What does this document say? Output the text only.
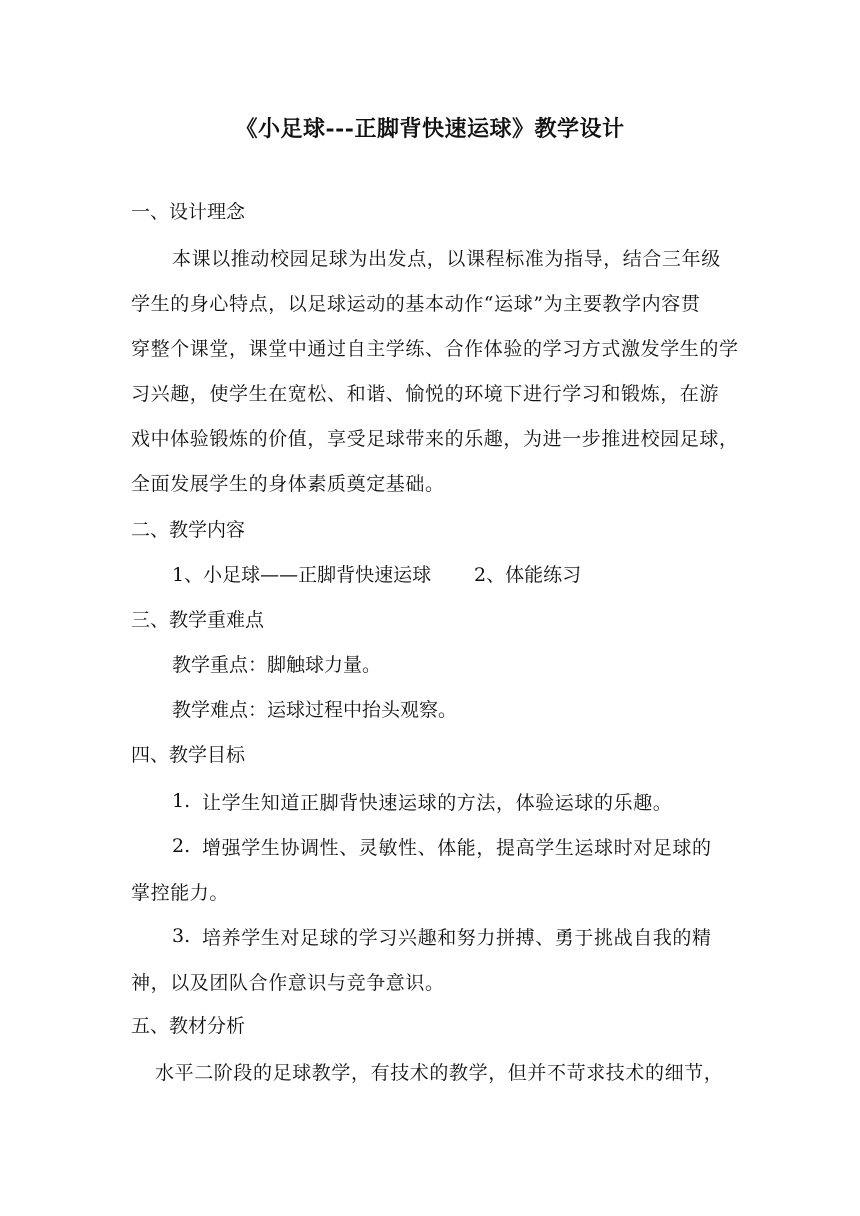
《小足球---正脚背快速运球》教学设计
一、设计理念
本课以推动校园足球为出发点，以课程标准为指导，结合三年级
学生的身心特点，以足球运动的基本动作“运球”为主要教学内容贯
穿整个课堂，课堂中通过自主学练、合作体验的学习方式激发学生的学
习兴趣，使学生在宽松、和谐、愉悦的环境下进行学习和锻炼，在游
戏中体验锻炼的价值，享受足球带来的乐趣，为进一步推进校园足球，
全面发展学生的身体素质奠定基础。
二、教学内容
1、小足球——正脚背快速运球 2、体能练习
三、教学重难点
教学重点：脚触球力量。
教学难点：运球过程中抬头观察。
四、教学目标
1. 让学生知道正脚背快速运球的方法，体验运球的乐趣。
2. 增强学生协调性、灵敏性、体能，提高学生运球时对足球的
掌控能力。
3. 培养学生对足球的学习兴趣和努力拼搏、勇于挑战自我的精
神，以及团队合作意识与竞争意识。
五、教材分析
水平二阶段的足球教学，有技术的教学，但并不苛求技术的细节，
